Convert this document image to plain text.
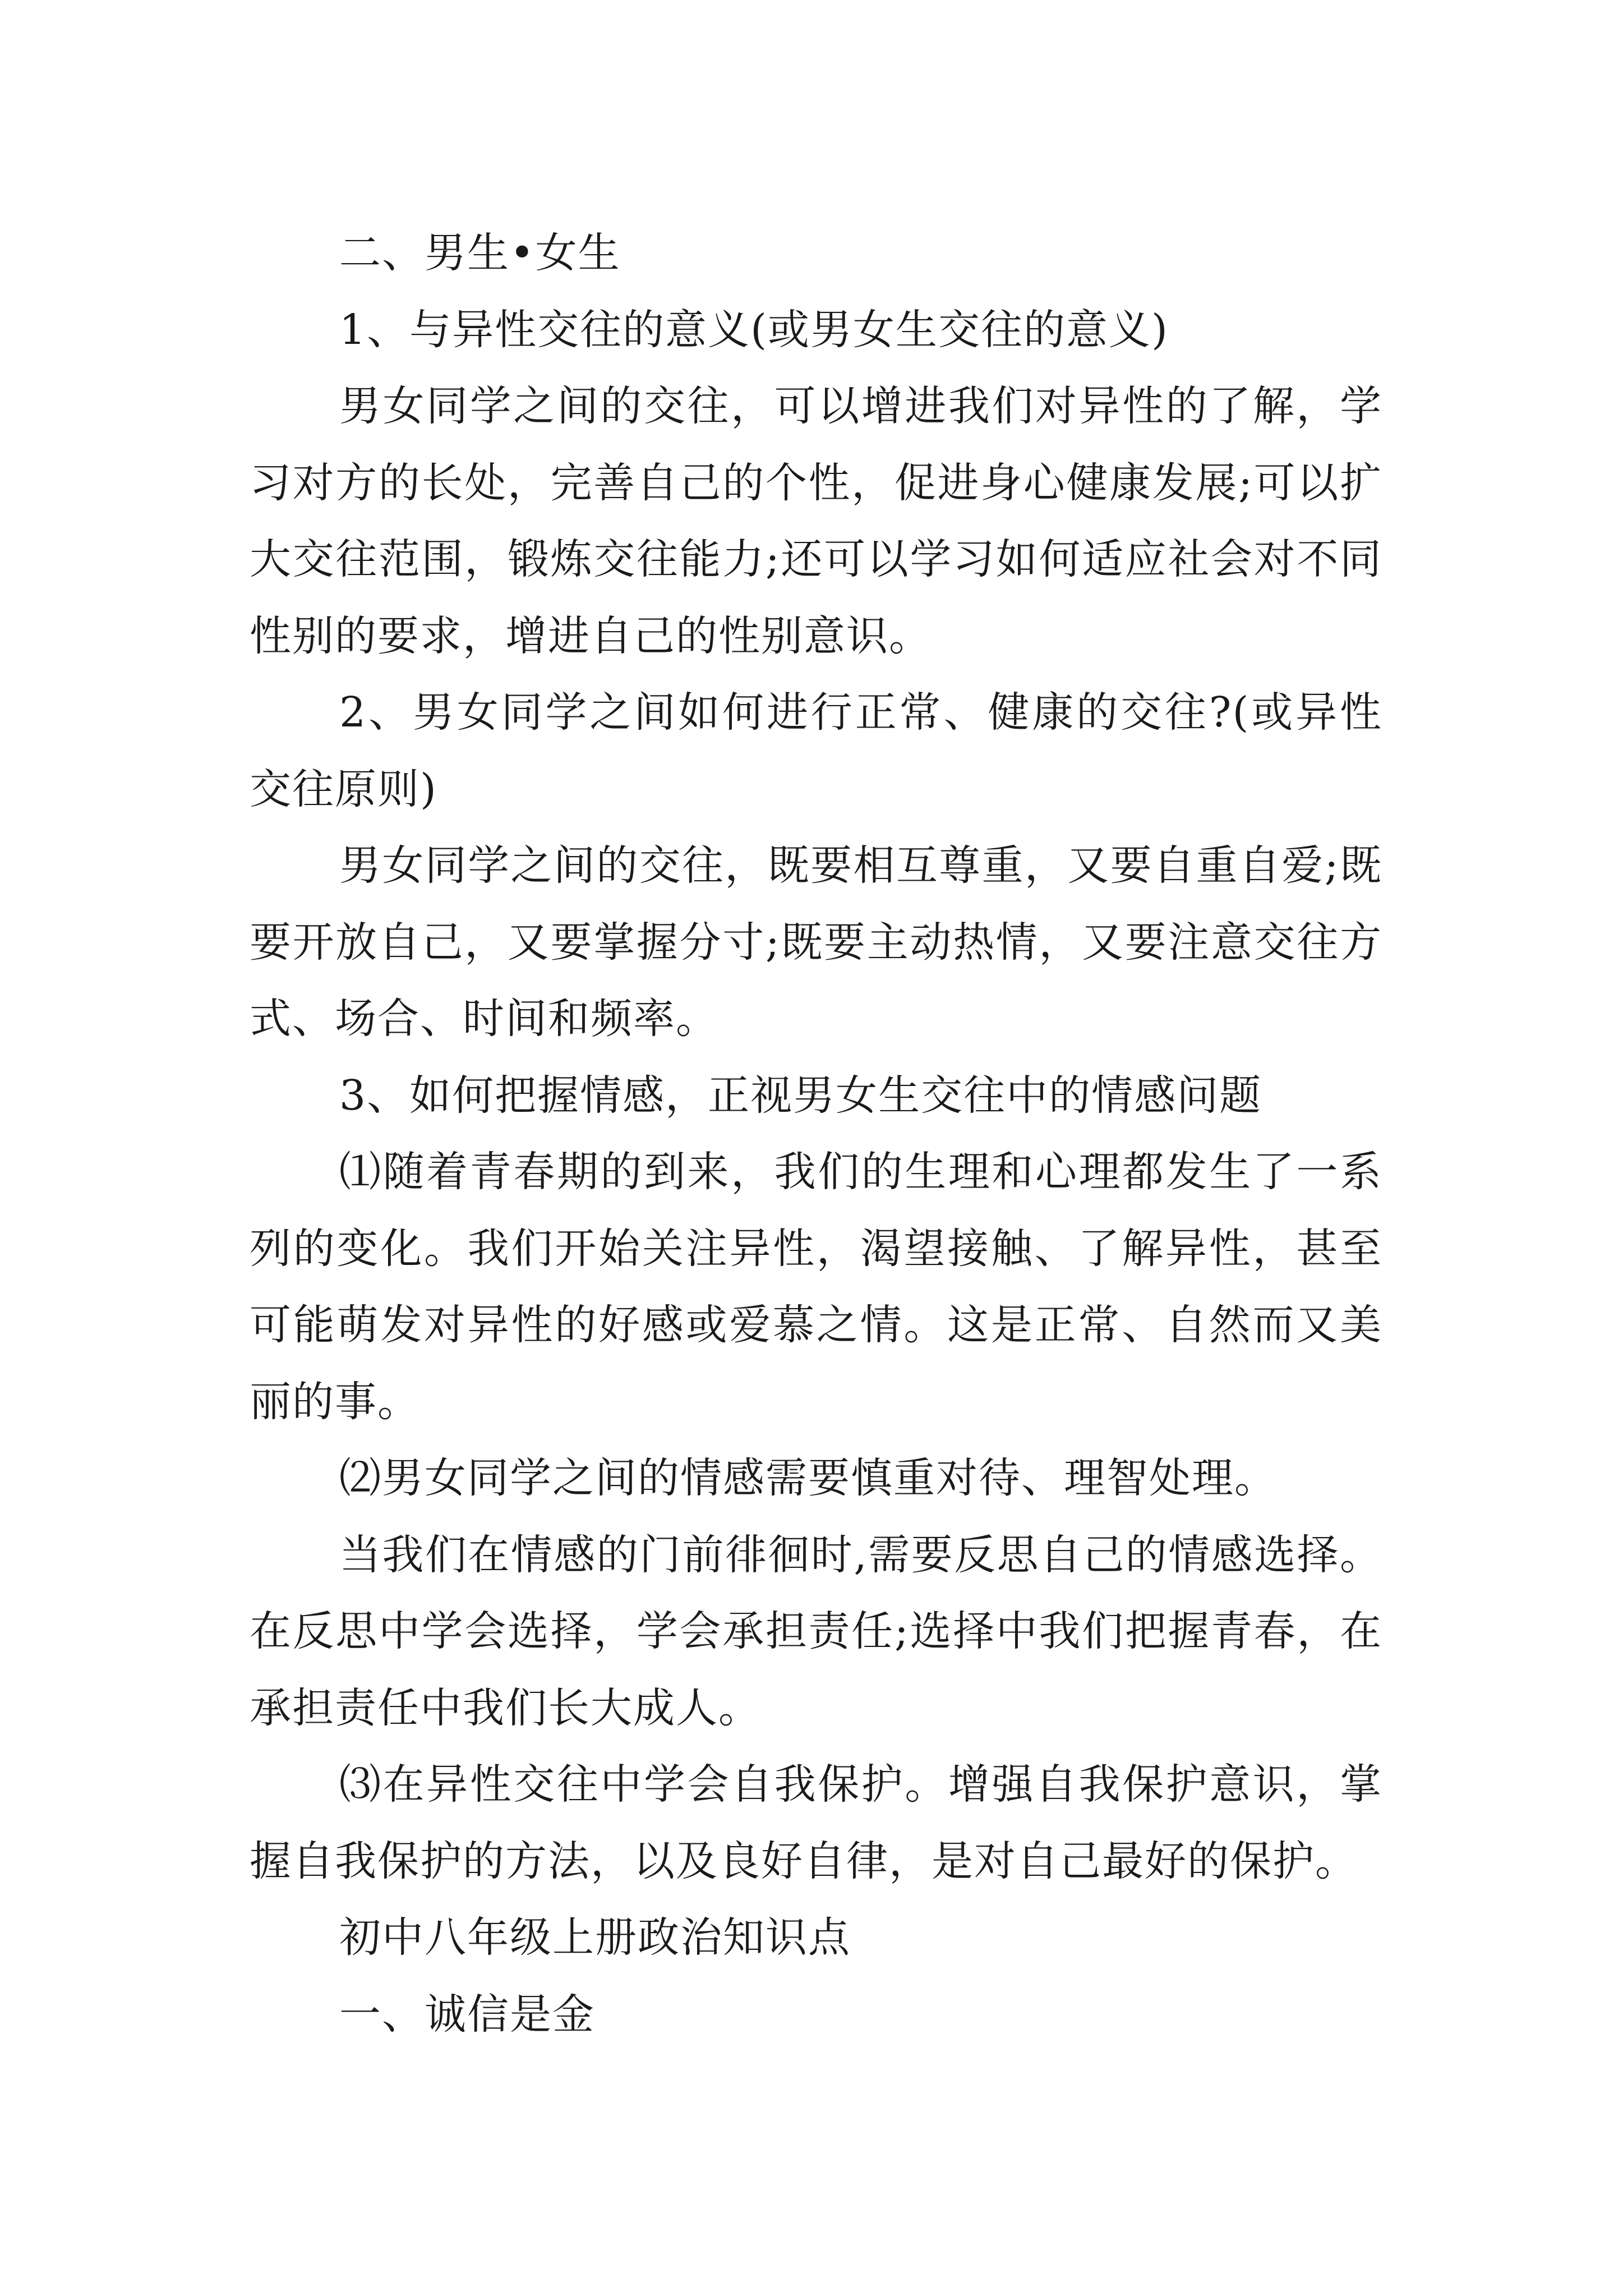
二、男生•女生

1、与异性交往的意义(或男女生交往的意义)

男女同学之间的交往，可以增进我们对异性的了解，学习对方的长处，完善自己的个性，促进身心健康发展;可以扩大交往范围，锻炼交往能力;还可以学习如何适应社会对不同性别的要求，增进自己的性别意识。

2、男女同学之间如何进行正常、健康的交往?(或异性交往原则)

男女同学之间的交往，既要相互尊重，又要自重自爱;既要开放自己，又要掌握分寸;既要主动热情，又要注意交往方式、场合、时间和频率。

3、如何把握情感，正视男女生交往中的情感问题

⑴随着青春期的到来，我们的生理和心理都发生了一系列的变化。我们开始关注异性，渴望接触、了解异性，甚至可能萌发对异性的好感或爱慕之情。这是正常、自然而又美丽的事。

⑵男女同学之间的情感需要慎重对待、理智处理。

当我们在情感的门前徘徊时,需要反思自己的情感选择。在反思中学会选择，学会承担责任;选择中我们把握青春，在承担责任中我们长大成人。

⑶在异性交往中学会自我保护。增强自我保护意识，掌握自我保护的方法，以及良好自律，是对自己最好的保护。

初中八年级上册政治知识点

一、诚信是金
